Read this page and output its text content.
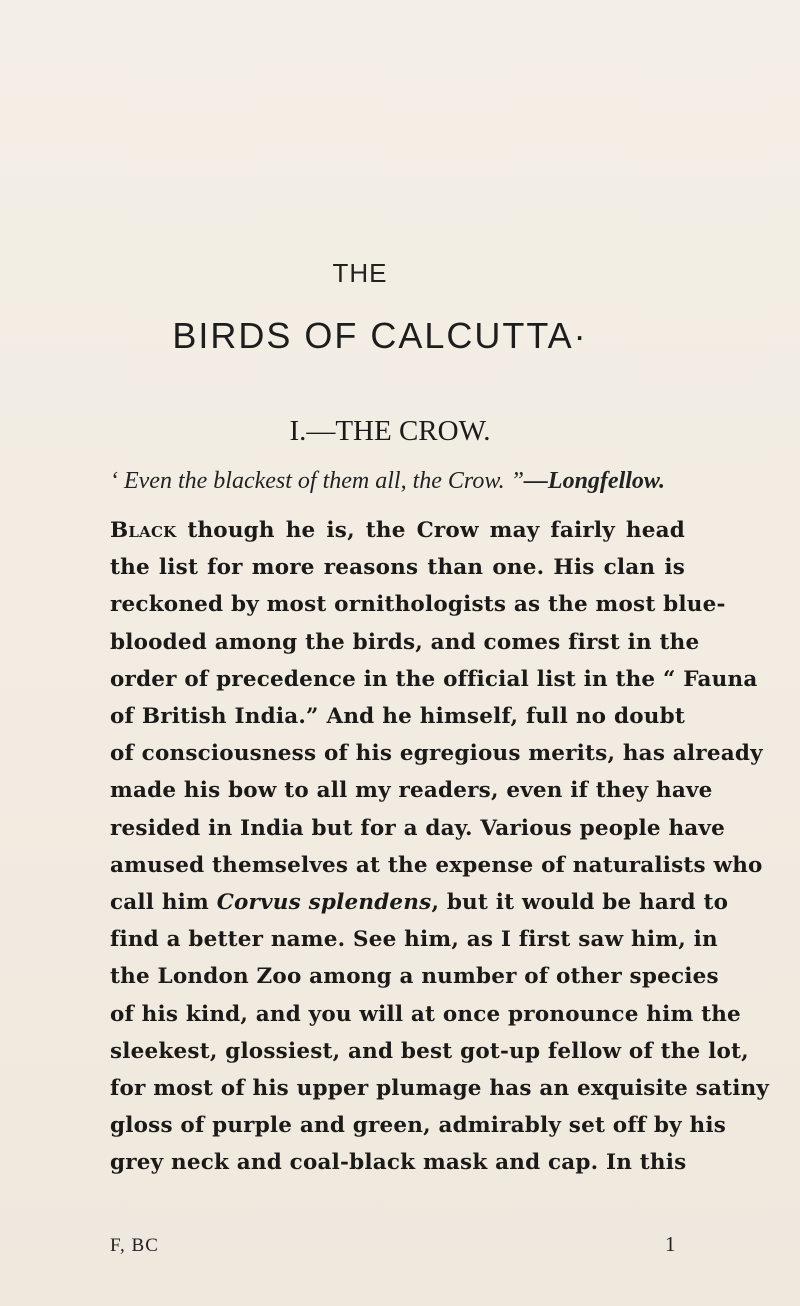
THE
BIRDS OF CALCUTTA·
I.—THE CROW.
‘ Even the blackest of them all, the Crow. ”—Longfellow.
Black though he is, the Crow may fairly head
the list for more reasons than one. His clan is
reckoned by most ornithologists as the most blue-
blooded among the birds, and comes first in the
order of precedence in the official list in the “ Fauna
of British India.” And he himself, full no doubt
of consciousness of his egregious merits, has already
made his bow to all my readers, even if they have
resided in India but for a day. Various people have
amused themselves at the expense of naturalists who
call him Corvus splendens, but it would be hard to
find a better name. See him, as I first saw him, in
the London Zoo among a number of other species
of his kind, and you will at once pronounce him the
sleekest, glossiest, and best got-up fellow of the lot,
for most of his upper plumage has an exquisite satiny
gloss of purple and green, admirably set off by his
grey neck and coal-black mask and cap. In this
F, BC	1
